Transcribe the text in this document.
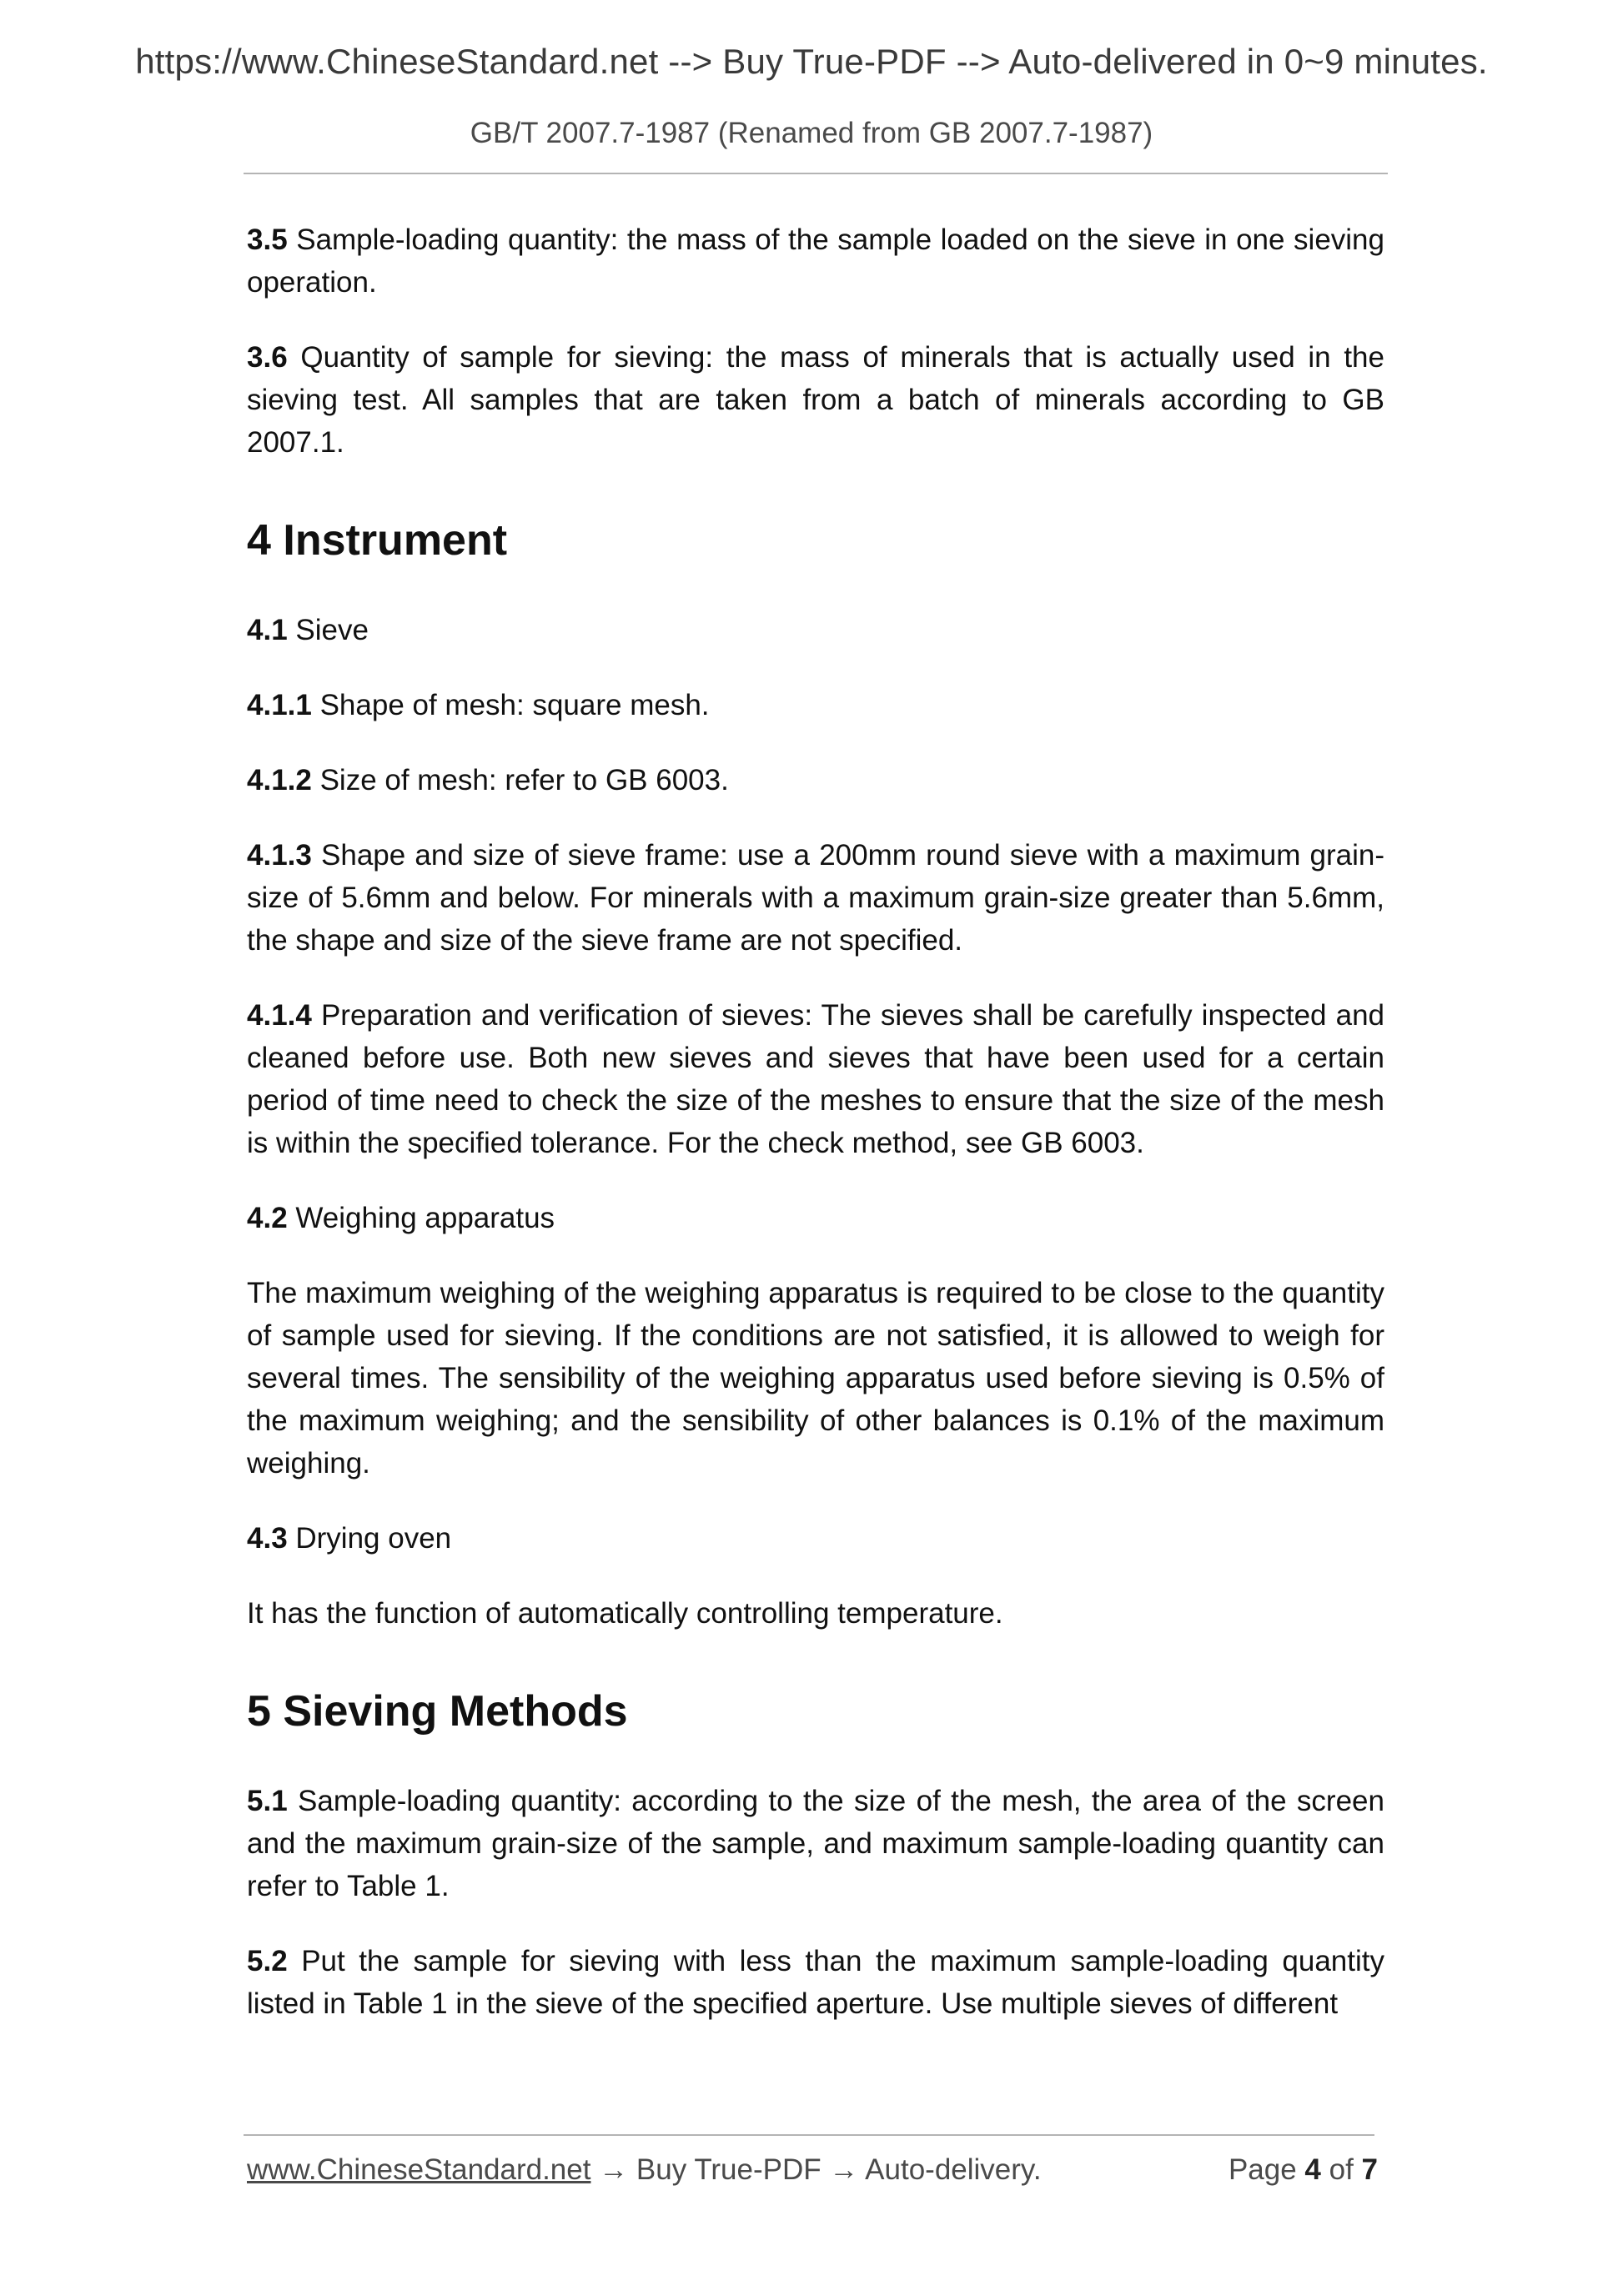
https://www.ChineseStandard.net --> Buy True-PDF --> Auto-delivered in 0~9 minutes.
GB/T 2007.7-1987 (Renamed from GB 2007.7-1987)

3.5 Sample-loading quantity: the mass of the sample loaded on the sieve in one sieving operation.

3.6 Quantity of sample for sieving: the mass of minerals that is actually used in the sieving test. All samples that are taken from a batch of minerals according to GB 2007.1.

4 Instrument

4.1 Sieve

4.1.1 Shape of mesh: square mesh.

4.1.2 Size of mesh: refer to GB 6003.

4.1.3 Shape and size of sieve frame: use a 200mm round sieve with a maximum grain-size of 5.6mm and below. For minerals with a maximum grain-size greater than 5.6mm, the shape and size of the sieve frame are not specified.

4.1.4 Preparation and verification of sieves: The sieves shall be carefully inspected and cleaned before use. Both new sieves and sieves that have been used for a certain period of time need to check the size of the meshes to ensure that the size of the mesh is within the specified tolerance. For the check method, see GB 6003.

4.2 Weighing apparatus

The maximum weighing of the weighing apparatus is required to be close to the quantity of sample used for sieving. If the conditions are not satisfied, it is allowed to weigh for several times. The sensibility of the weighing apparatus used before sieving is 0.5% of the maximum weighing; and the sensibility of other balances is 0.1% of the maximum weighing.

4.3 Drying oven

It has the function of automatically controlling temperature.

5 Sieving Methods

5.1 Sample-loading quantity: according to the size of the mesh, the area of the screen and the maximum grain-size of the sample, and maximum sample-loading quantity can refer to Table 1.

5.2 Put the sample for sieving with less than the maximum sample-loading quantity listed in Table 1 in the sieve of the specified aperture. Use multiple sieves of different

www.ChineseStandard.net → Buy True-PDF → Auto-delivery.	Page 4 of 7
